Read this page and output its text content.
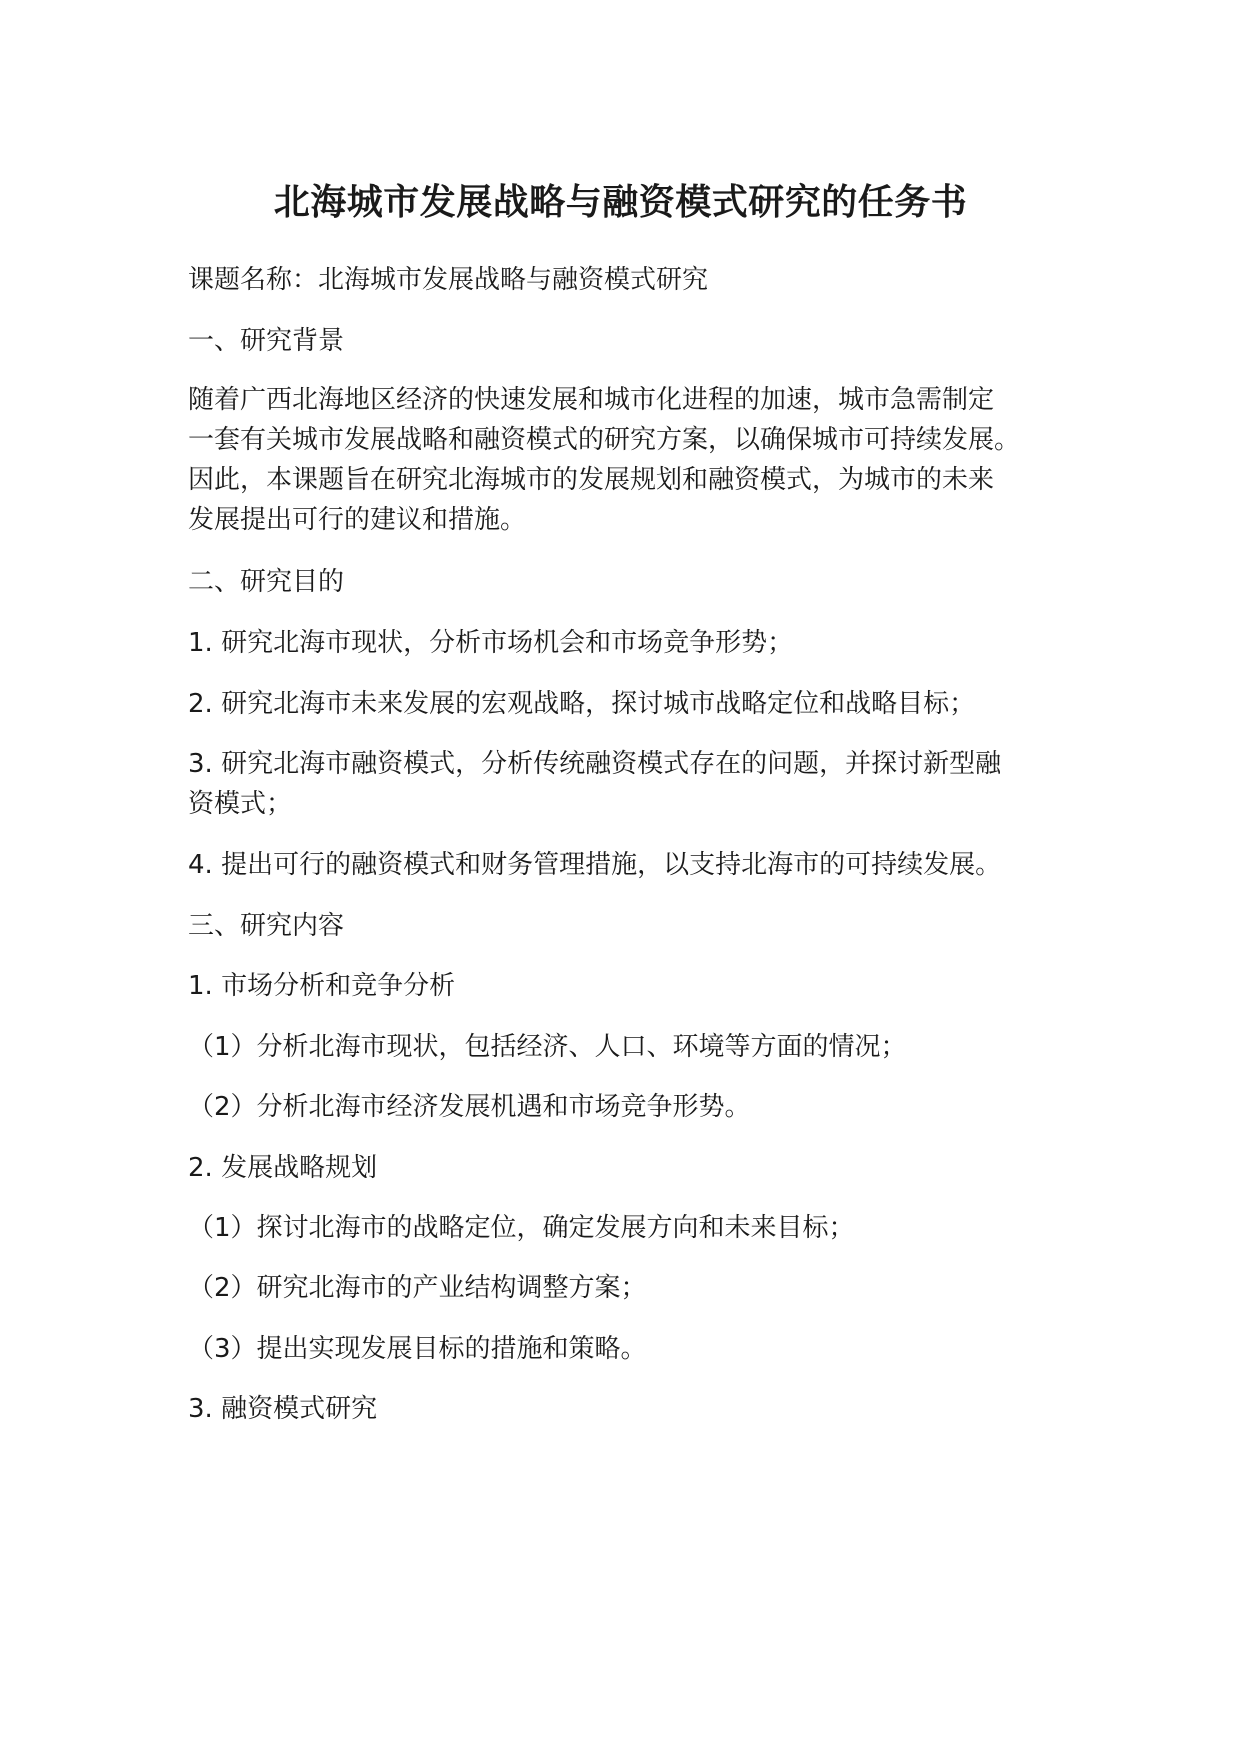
北海城市发展战略与融资模式研究的任务书
课题名称：北海城市发展战略与融资模式研究
一、研究背景
随着广西北海地区经济的快速发展和城市化进程的加速，城市急需制定
一套有关城市发展战略和融资模式的研究方案，以确保城市可持续发展。
因此，本课题旨在研究北海城市的发展规划和融资模式，为城市的未来
发展提出可行的建议和措施。
二、研究目的
1. 研究北海市现状，分析市场机会和市场竞争形势；
2. 研究北海市未来发展的宏观战略，探讨城市战略定位和战略目标；
3. 研究北海市融资模式，分析传统融资模式存在的问题，并探讨新型融
资模式；
4. 提出可行的融资模式和财务管理措施，以支持北海市的可持续发展。
三、研究内容
1. 市场分析和竞争分析
（1）分析北海市现状，包括经济、人口、环境等方面的情况；
（2）分析北海市经济发展机遇和市场竞争形势。
2. 发展战略规划
（1）探讨北海市的战略定位，确定发展方向和未来目标；
（2）研究北海市的产业结构调整方案；
（3）提出实现发展目标的措施和策略。
3. 融资模式研究
